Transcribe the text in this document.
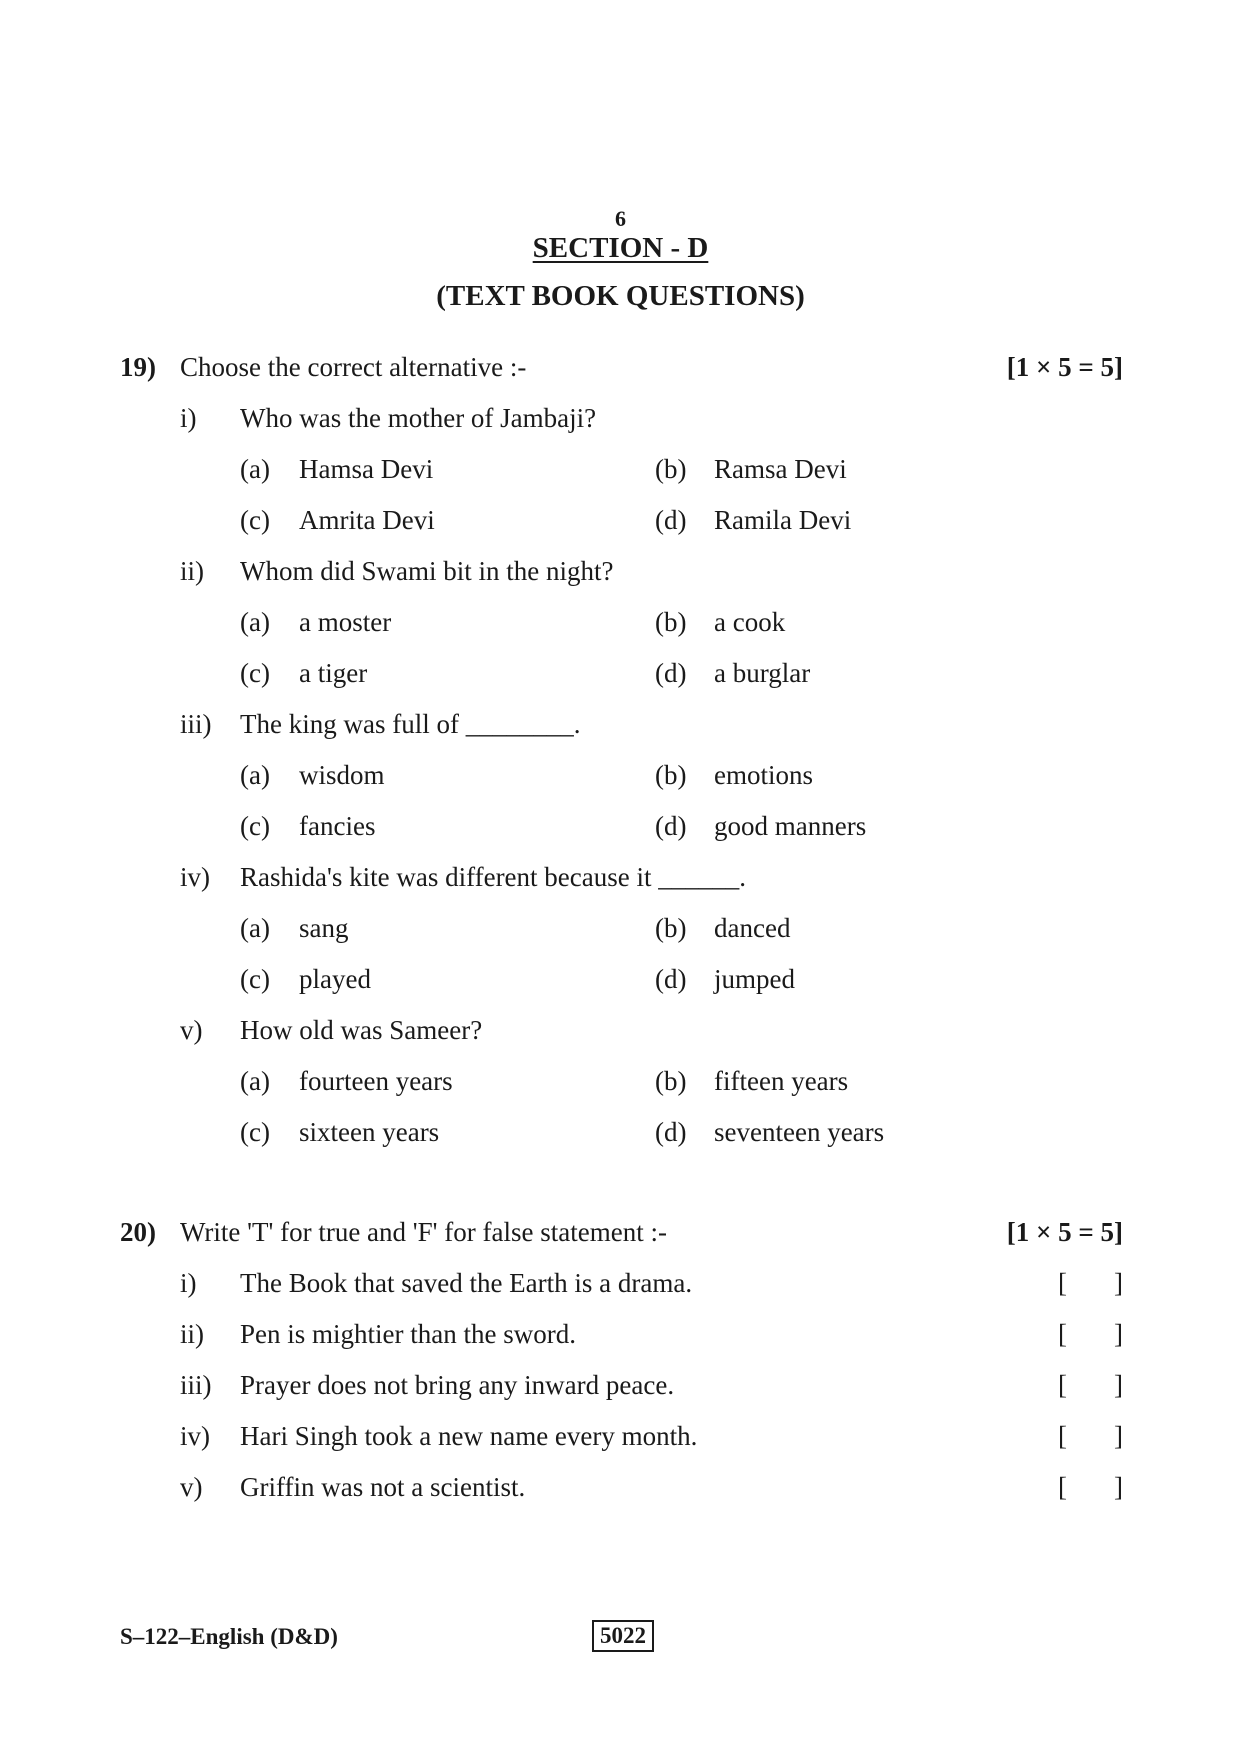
6
SECTION - D
(TEXT BOOK QUESTIONS)
19) Choose the correct alternative :-	[1 × 5 = 5]
i) Who was the mother of Jambaji?
(a) Hamsa Devi	(b) Ramsa Devi
(c) Amrita Devi	(d) Ramila Devi
ii) Whom did Swami bit in the night?
(a) a moster	(b) a cook
(c) a tiger	(d) a burglar
iii) The king was full of ________.
(a) wisdom	(b) emotions
(c) fancies	(d) good manners
iv) Rashida's kite was different because it ______.
(a) sang	(b) danced
(c) played	(d) jumped
v) How old was Sameer?
(a) fourteen years	(b) fifteen years
(c) sixteen years	(d) seventeen years
20) Write 'T' for true and 'F' for false statement :-	[1 × 5 = 5]
i) The Book that saved the Earth is a drama.	[ ]
ii) Pen is mightier than the sword.	[ ]
iii) Prayer does not bring any inward peace.	[ ]
iv) Hari Singh took a new name every month.	[ ]
v) Griffin was not a scientist.	[ ]
S–122–English (D&D)	5022
